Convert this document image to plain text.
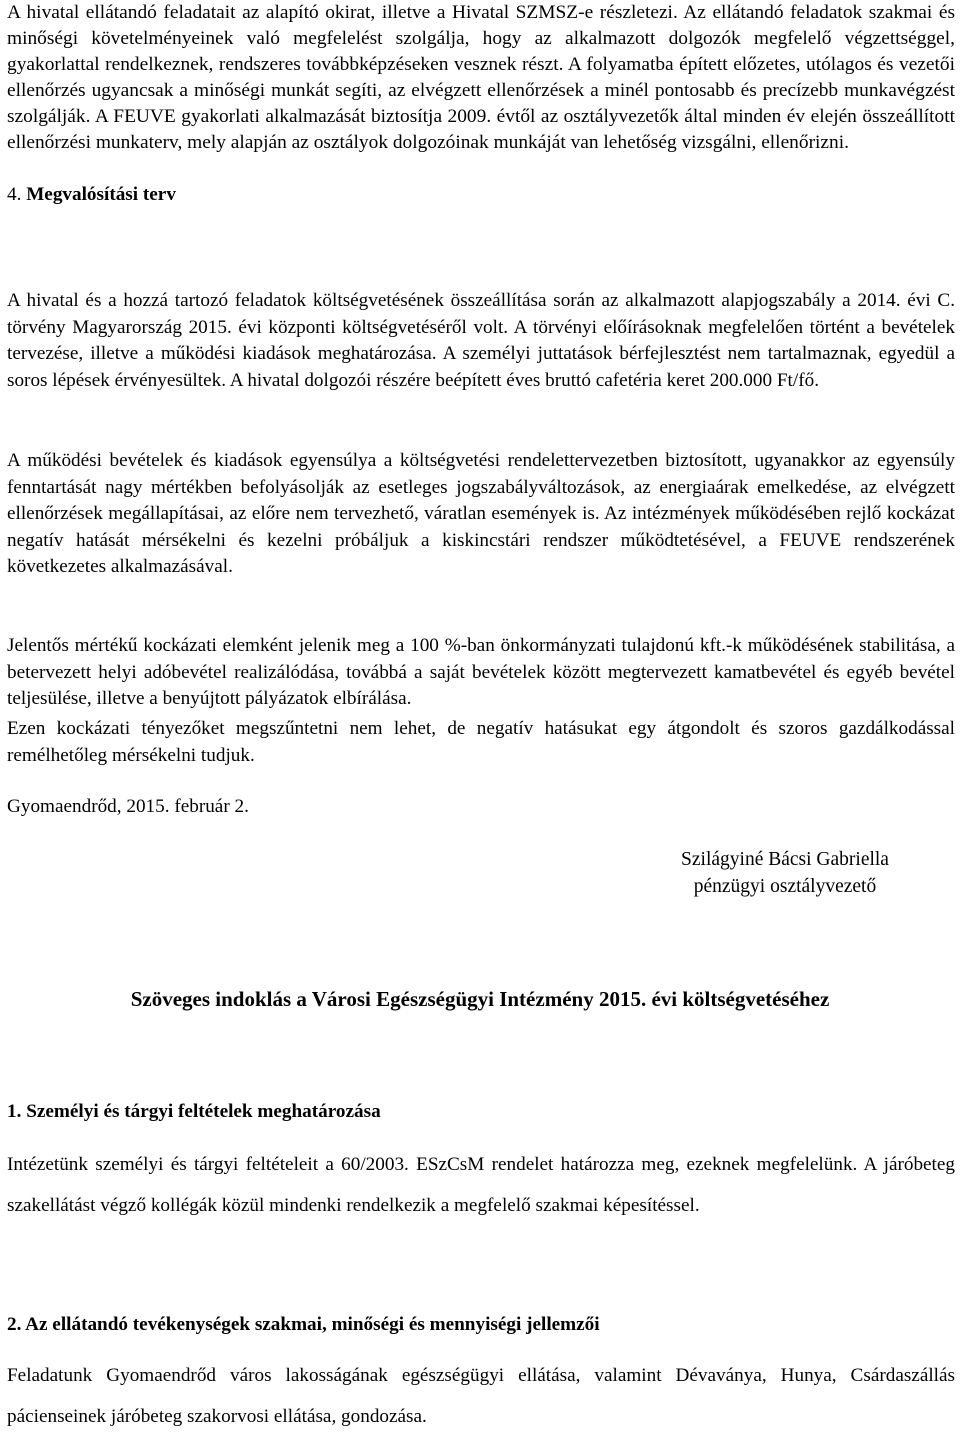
A hivatal ellátandó feladatait az alapító okirat, illetve a Hivatal SZMSZ-e részletezi. Az ellátandó feladatok szakmai és minőségi követelményeinek való megfelelést szolgálja, hogy az alkalmazott dolgozók megfelelő végzettséggel, gyakorlattal rendelkeznek, rendszeres továbbképzéseken vesznek részt. A folyamatba épített előzetes, utólagos és vezetői ellenőrzés ugyancsak a minőségi munkát segíti, az elvégzett ellenőrzések a minél pontosabb és precízebb munkavégzést szolgálják. A FEUVE gyakorlati alkalmazását biztosítja 2009. évtől az osztályvezetők által minden év elején összeállított ellenőrzési munkaterv, mely alapján az osztályok dolgozóinak munkáját van lehetőség vizsgálni, ellenőrizni.

4. Megvalósítási terv

A hivatal és a hozzá tartozó feladatok költségvetésének összeállítása során az alkalmazott alapjogszabály a 2014. évi C. törvény Magyarország 2015. évi központi költségvetéséről volt. A törvényi előírásoknak megfelelően történt a bevételek tervezése, illetve a működési kiadások meghatározása. A személyi juttatások bérfejlesztést nem tartalmaznak, egyedül a soros lépések érvényesültek. A hivatal dolgozói részére beépített éves bruttó cafetéria keret 200.000 Ft/fő.

A működési bevételek és kiadások egyensúlya a költségvetési rendelettervezetben biztosított, ugyanakkor az egyensúly fenntartását nagy mértékben befolyásolják az esetleges jogszabályváltozások, az energiaárak emelkedése, az elvégzett ellenőrzések megállapításai, az előre nem tervezhető, váratlan események is. Az intézmények működésében rejlő kockázat negatív hatását mérsékelni és kezelni próbáljuk a kiskincstári rendszer működtetésével, a FEUVE rendszerének következetes alkalmazásával.

Jelentős mértékű kockázati elemként jelenik meg a 100 %-ban önkormányzati tulajdonú kft.-k működésének stabilitása, a betervezett helyi adóbevétel realizálódása, továbbá a saját bevételek között megtervezett kamatbevétel és egyéb bevétel teljesülése, illetve a benyújtott pályázatok elbírálása.

Ezen kockázati tényezőket megszűntetni nem lehet, de negatív hatásukat egy átgondolt és szoros gazdálkodással remélhetőleg mérsékelni tudjuk.

Gyomaendrőd, 2015. február 2.

Szilágyiné Bácsi Gabriella

pénzügyi osztályvezető

Szöveges indoklás a Városi Egészségügyi Intézmény 2015. évi költségvetéséhez

1. Személyi és tárgyi feltételek meghatározása

Intézetünk személyi és tárgyi feltételeit a 60/2003. ESzCsM rendelet határozza meg, ezeknek megfelelünk. A járóbeteg szakellátást végző kollégák közül mindenki rendelkezik a megfelelő szakmai képesítéssel.

2. Az ellátandó tevékenységek szakmai, minőségi és mennyiségi jellemzői

Feladatunk Gyomaendrőd város lakosságának egészségügyi ellátása, valamint Dévaványa, Hunya, Csárdaszállás pácienseinek járóbeteg szakorvosi ellátása, gondozása.
